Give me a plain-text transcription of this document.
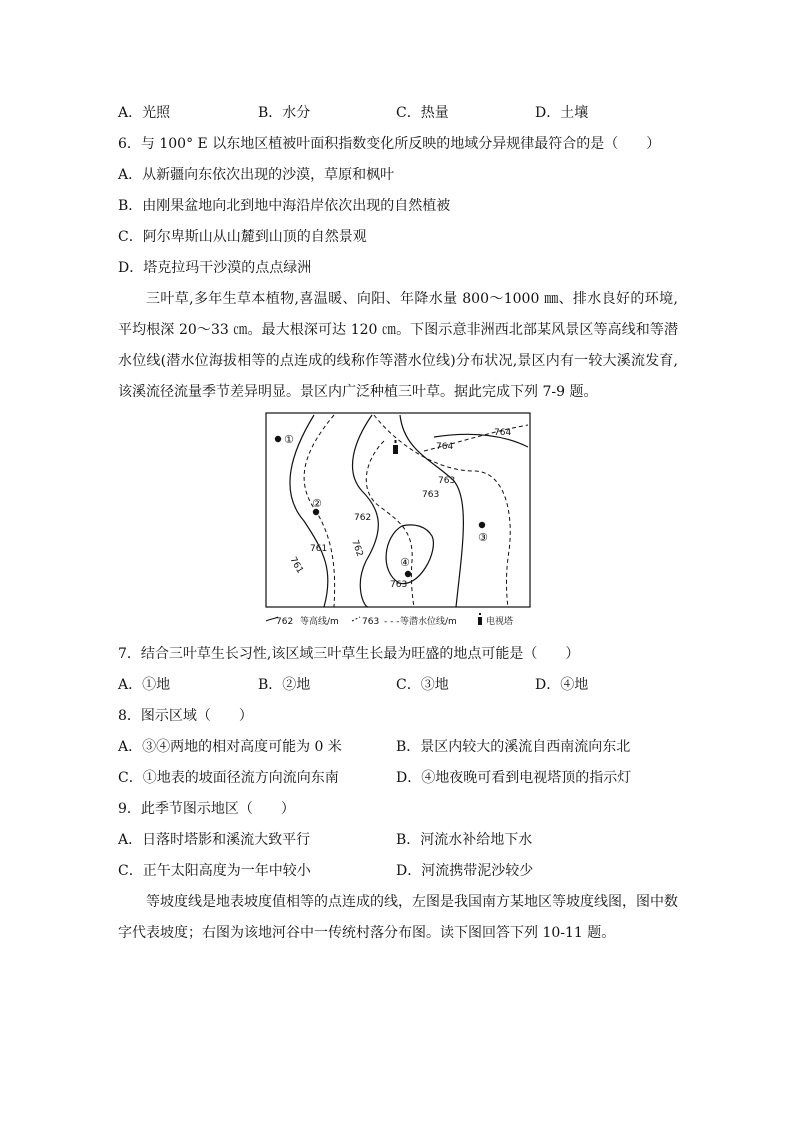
A．光照	B．水分	C．热量	D．土壤
6．与 100° E 以东地区植被叶面积指数变化所反映的地域分异规律最符合的是（　　）
A．从新疆向东依次出现的沙漠，草原和枫叶
B．由刚果盆地向北到地中海沿岸依次出现的自然植被
C．阿尔卑斯山从山麓到山顶的自然景观
D．塔克拉玛干沙漠的点点绿洲
三叶草,多年生草本植物,喜温暖、向阳、年降水量 800～1000 ㎜、排水良好的环境,平均根深 20～33 ㎝。最大根深可达 120 ㎝。下图示意非洲西北部某风景区等高线和等潜水位线(潜水位海拔相等的点连成的线称作等潜水位线)分布状况,景区内有一较大溪流发育,该溪流径流量季节差异明显。景区内广泛种植三叶草。据此完成下列 7-9 题。
764
763
762
761
763
764
763
762
761
①
②
③
④
762 等高线/m	763 - - - 等潜水位线/m	电视塔
7．结合三叶草生长习性,该区域三叶草生长最为旺盛的地点可能是（　　）
A．①地	B．②地	C．③地	D．④地
8．图示区域（　　）
A．③④两地的相对高度可能为 0 米	B．景区内较大的溪流自西南流向东北
C．①地表的坡面径流方向流向东南	D．④地夜晚可看到电视塔顶的指示灯
9．此季节图示地区（　　）
A．日落时塔影和溪流大致平行	B．河流水补给地下水
C．正午太阳高度为一年中较小	D．河流携带泥沙较少
等坡度线是地表坡度值相等的点连成的线，左图是我国南方某地区等坡度线图，图中数字代表坡度；右图为该地河谷中一传统村落分布图。读下图回答下列 10-11 题。
